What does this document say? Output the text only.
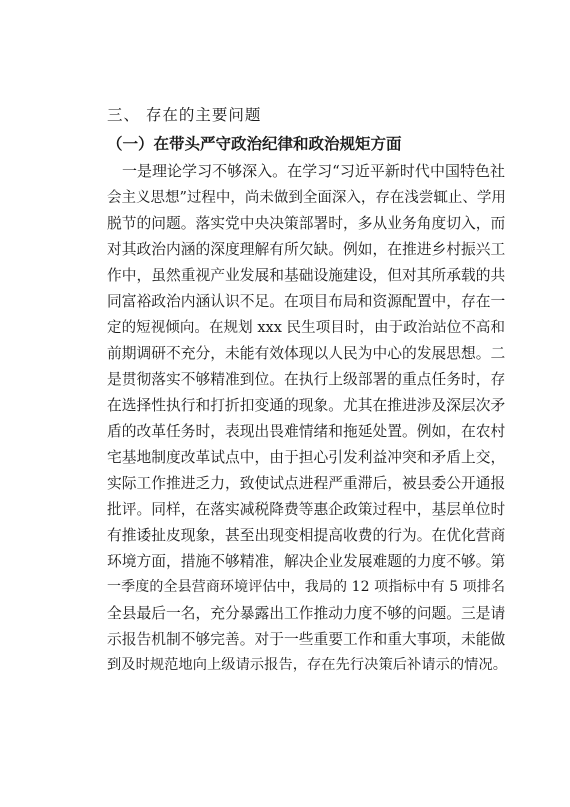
三、 存在的主要问题
（一）在带头严守政治纪律和政治规矩方面
一是理论学习不够深入。在学习“习近平新时代中国特色社
会主义思想”过程中，尚未做到全面深入，存在浅尝辄止、学用
脱节的问题。落实党中央决策部署时，多从业务角度切入，而
对其政治内涵的深度理解有所欠缺。例如，在推进乡村振兴工
作中，虽然重视产业发展和基础设施建设，但对其所承载的共
同富裕政治内涵认识不足。在项目布局和资源配置中，存在一
定的短视倾向。在规划 xxx 民生项目时，由于政治站位不高和
前期调研不充分，未能有效体现以人民为中心的发展思想。二
是贯彻落实不够精准到位。在执行上级部署的重点任务时，存
在选择性执行和打折扣变通的现象。尤其在推进涉及深层次矛
盾的改革任务时，表现出畏难情绪和拖延处置。例如，在农村
宅基地制度改革试点中，由于担心引发利益冲突和矛盾上交，
实际工作推进乏力，致使试点进程严重滞后，被县委公开通报
批评。同样，在落实减税降费等惠企政策过程中，基层单位时
有推诿扯皮现象，甚至出现变相提高收费的行为。在优化营商
环境方面，措施不够精准，解决企业发展难题的力度不够。第
一季度的全县营商环境评估中，我局的 12 项指标中有 5 项排名
全县最后一名，充分暴露出工作推动力度不够的问题。三是请
示报告机制不够完善。对于一些重要工作和重大事项，未能做
到及时规范地向上级请示报告，存在先行决策后补请示的情况。
